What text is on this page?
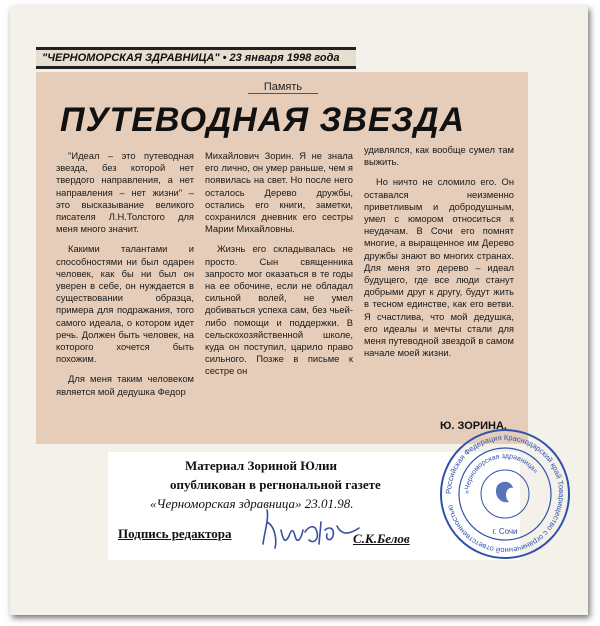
"ЧЕРНОМОРСКАЯ ЗДРАВНИЦА" • 23 января 1998 года
Память
ПУТЕВОДНАЯ ЗВЕЗДА

"Идеал – это путеводная звезда, без которой нет твердого направления, а нет направления – нет жизни" – это высказывание великого писателя Л.Н.Толстого для меня много значит.

Какими талантами и способностями ни был одарен человек, как бы ни был он уверен в себе, он нуждается в существовании образца, примера для подражания, того самого идеала, о котором идет речь. Должен быть человек, на которого хочется быть похожим.

Для меня таким человеком является мой дедушка Федор

Михайлович Зорин. Я не знала его лично, он умер раньше, чем я появилась на свет. Но после него осталось Дерево дружбы, остались его книги, заметки, сохранился дневник его сестры Марии Михайловны.

Жизнь его складывалась не просто. Сын священника запросто мог оказаться в те годы на ее обочине, если не обладал сильной волей, не умел добиваться успеха сам, без чьей-либо помощи и поддержки. В сельскохозяйственной школе, куда он поступил, царило право сильного. Позже в письме к сестре он

удивлялся, как вообще сумел там выжить.

Но ничто не сломило его. Он оставался неизменно приветливым и добродушным, умел с юмором относиться к неудачам. В Сочи его помнят многие, а выращенное им Дерево дружбы знают во многих странах. Для меня это дерево – идеал будущего, где все люди станут добрыми друг к другу, будут жить в тесном единстве, как его ветви. Я счастлива, что мой дедушка, его идеалы и мечты стали для меня путеводной звездой в самом начале моей жизни.

Ю. ЗОРИНА.
Материал Зориной Юлии
опубликован в регнональной газете
«Черноморская здравница» 23.01.98.
Подпись редактора	С.К.Белов
Российская Федерация Краснодарский край Товарищество с ограниченной ответственностью
«Черноморская здравница»
г. Сочи
